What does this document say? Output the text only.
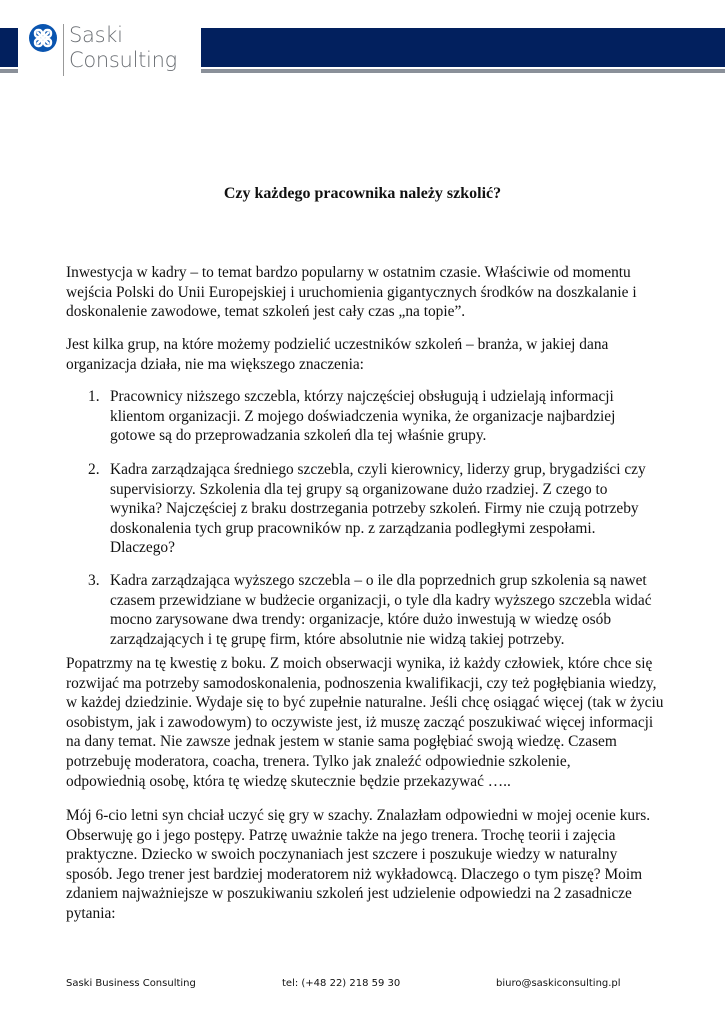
Saski
Consulting
Czy każdego pracownika należy szkolić?
Inwestycja w kadry – to temat bardzo popularny w ostatnim czasie. Właściwie od momentu
wejścia Polski do Unii Europejskiej i uruchomienia gigantycznych środków na doszkalanie i
doskonalenie zawodowe, temat szkoleń jest cały czas „na topie”.
Jest kilka grup, na które możemy podzielić uczestników szkoleń – branża, w jakiej dana
organizacja działa, nie ma większego znaczenia:
1. Pracownicy niższego szczebla, którzy najczęściej obsługują i udzielają informacji
klientom organizacji. Z mojego doświadczenia wynika, że organizacje najbardziej
gotowe są do przeprowadzania szkoleń dla tej właśnie grupy.
2. Kadra zarządzająca średniego szczebla, czyli kierownicy, liderzy grup, brygadziści czy
supervisiorzy. Szkolenia dla tej grupy są organizowane dużo rzadziej. Z czego to
wynika? Najczęściej z braku dostrzegania potrzeby szkoleń. Firmy nie czują potrzeby
doskonalenia tych grup pracowników np. z zarządzania podległymi zespołami.
Dlaczego?
3. Kadra zarządzająca wyższego szczebla – o ile dla poprzednich grup szkolenia są nawet
czasem przewidziane w budżecie organizacji, o tyle dla kadry wyższego szczebla widać
mocno zarysowane dwa trendy: organizacje, które dużo inwestują w wiedzę osób
zarządzających i tę grupę firm, które absolutnie nie widzą takiej potrzeby.
Popatrzmy na tę kwestię z boku. Z moich obserwacji wynika, iż każdy człowiek, które chce się
rozwijać ma potrzeby samodoskonalenia, podnoszenia kwalifikacji, czy też pogłębiania wiedzy,
w każdej dziedzinie. Wydaje się to być zupełnie naturalne. Jeśli chcę osiągać więcej (tak w życiu
osobistym, jak i zawodowym) to oczywiste jest, iż muszę zacząć poszukiwać więcej informacji
na dany temat. Nie zawsze jednak jestem w stanie sama pogłębiać swoją wiedzę. Czasem
potrzebuję moderatora, coacha, trenera. Tylko jak znaleźć odpowiednie szkolenie,
odpowiednią osobę, która tę wiedzę skutecznie będzie przekazywać …..
Mój 6-cio letni syn chciał uczyć się gry w szachy. Znalazłam odpowiedni w mojej ocenie kurs.
Obserwuję go i jego postępy. Patrzę uważnie także na jego trenera. Trochę teorii i zajęcia
praktyczne. Dziecko w swoich poczynaniach jest szczere i poszukuje wiedzy w naturalny
sposób. Jego trener jest bardziej moderatorem niż wykładowcą. Dlaczego o tym piszę? Moim
zdaniem najważniejsze w poszukiwaniu szkoleń jest udzielenie odpowiedzi na 2 zasadnicze
pytania:
Saski Business Consulting	tel: (+48 22) 218 59 30	biuro@saskiconsulting.pl
